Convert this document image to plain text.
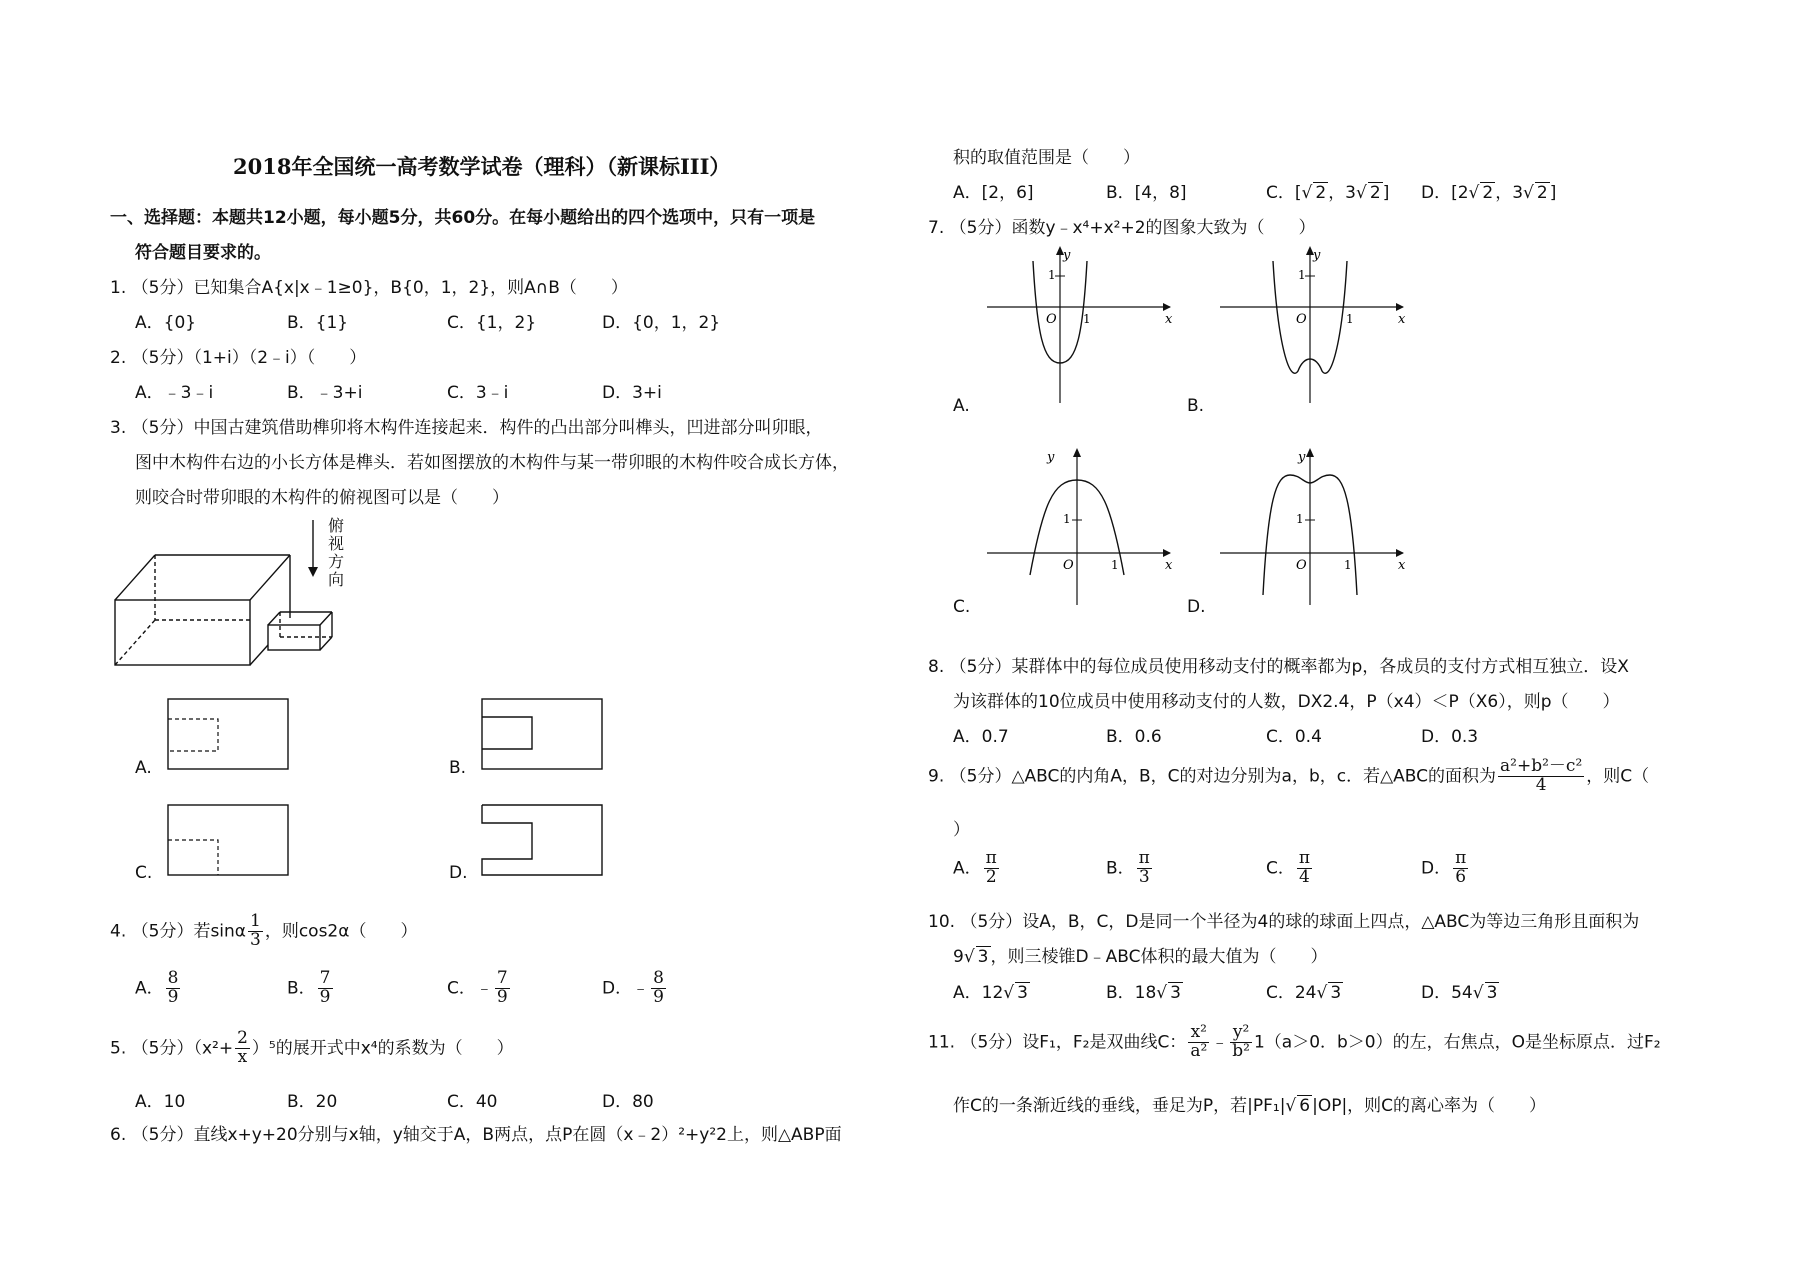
2018年全国统一高考数学试卷（理科）（新课标III）
一、选择题：本题共12小题，每小题5分，共60分。在每小题给出的四个选项中，只有一项是
符合题目要求的。
1. （5分）已知集合A{x|x﹣1≥0}，B{0，1，2}，则A∩B（　　）
A．{0}	B．{1}	C．{1，2}	D．{0，1，2}
2. （5分）（1+i）（2﹣i）（　　）
A．﹣3﹣i	B．﹣3+i	C．3﹣i	D．3+i
3. （5分）中国古建筑借助榫卯将木构件连接起来．构件的凸出部分叫榫头，凹进部分叫卯眼，
图中木构件右边的小长方体是榫头．若如图摆放的木构件与某一带卯眼的木构件咬合成长方体，
则咬合时带卯眼的木构件的俯视图可以是（　　）
俯
视
方
向
A.	B.
C.	D.
4. （5分）若sinα $\frac{1}{3}$ ，则cos2α（　　）
A． $\frac{8}{9}$	B． $\frac{7}{9}$	C．﹣ $\frac{7}{9}$	D．﹣ $\frac{8}{9}$
5. （5分）$(x^2+ \frac{2}{x} )^5$的展开式中x⁴的系数为（　　）
A．10	B．20	C．40	D．80
6. （5分）直线x+y+20分别与x轴，y轴交于A，B两点，点P在圆（x﹣2）²+y²2上，则△ABP面
积的取值范围是（　　）
A．[2，6]	B．[4，8]	C．[√ 2 ，3√ 2 ] D．[2√ 2 ，3√ 2 ]
7. （5分）函数y﹣x⁴+x²+2的图象大致为（　　）
A.
y
1
O 1	x
B.
y
1
O	1	x
C.
y
1
O	1	x
D.
y
1
O	1	x
8. （5分）某群体中的每位成员使用移动支付的概率都为p，各成员的支付方式相互独立．设X
为该群体的10位成员中使用移动支付的人数，DX2.4，P（x4）＜P（X6），则p（　　）
A．0.7	B．0.6	C．0.4	D．0.3
9. （5分）△ABC的内角A，B，C的对边分别为a，b，c．若△ABC的面积为 $\frac{\text{a²+b²－c²}}{4}$ ，则C（
）
A． $\frac{\pi}{2}$	B． $\frac{\pi}{3}$	C． $\frac{\pi}{4}$	D． $\frac{\pi}{6}$
10. （5分）设A，B，C，D是同一个半径为4的球的球面上四点，△ABC为等边三角形且面积为
9√ 3 ，则三棱锥D﹣ABC体积的最大值为（　　）
A．12√ 3	B．18√ 3	C．24√ 3	D．54√ 3
11. （5分）设F₁，F₂是双曲线C： $\frac{\text{x²}}{\text{a²}}$ ﹣ $\frac{\text{y²}}{\text{b²}} 1(a>0$．b＞0）的左，右焦点，O是坐标原点．过F₂
作C的一条渐近线的垂线，垂足为P，若|PF₁|√ 6 |OP|，则C的离心率为（　　）
